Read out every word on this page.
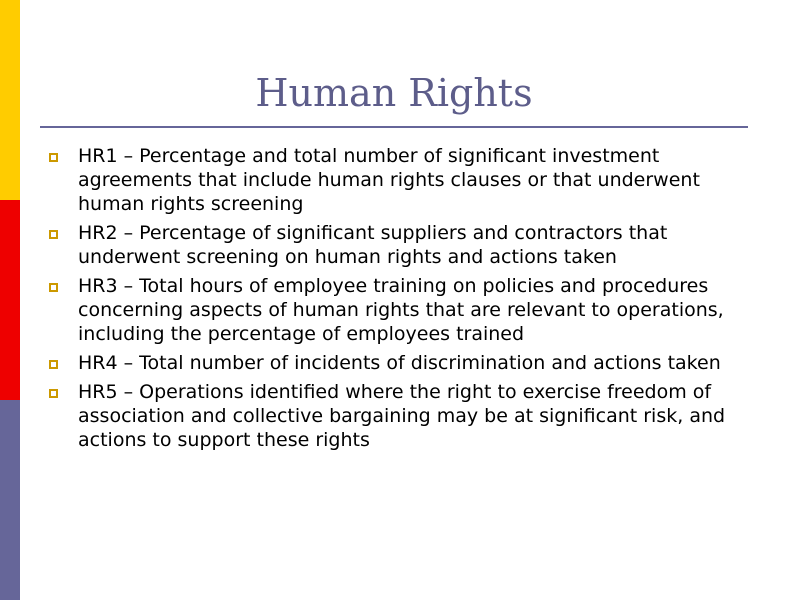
Human Rights
HR1 – Percentage and total number of significant investment agreements that include human rights clauses or that underwent human rights screening
HR2 – Percentage of significant suppliers and contractors that underwent screening on human rights and actions taken
HR3 – Total hours of employee training on policies and procedures concerning aspects of human rights that are relevant to operations, including the percentage of employees trained
HR4 – Total number of incidents of discrimination and actions taken
HR5 – Operations identified where the right to exercise freedom of association and collective bargaining may be at significant risk, and actions to support these rights
